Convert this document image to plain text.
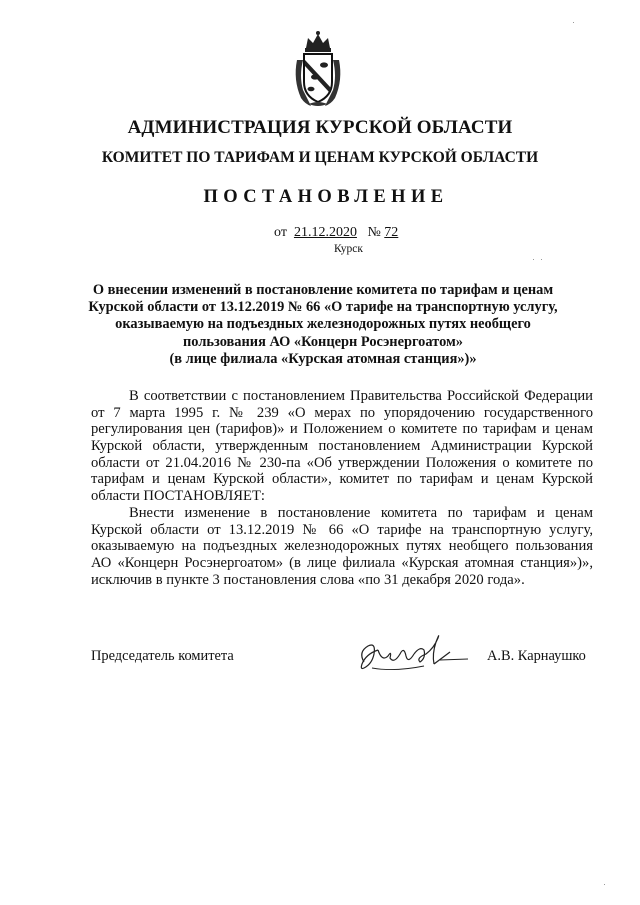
АДМИНИСТРАЦИЯ КУРСКОЙ ОБЛАСТИ
КОМИТЕТ ПО ТАРИФАМ И ЦЕНАМ КУРСКОЙ ОБЛАСТИ
ПОСТАНОВЛЕНИЕ
от 21.12.2020 № 72
Курск
О внесении изменений в постановление комитета по тарифам и ценам
Курской области от 13.12.2019 № 66 «О тарифе на транспортную услугу,
оказываемую на подъездных железнодорожных путях необщего
пользования АО «Концерн Росэнергоатом»
(в лице филиала «Курская атомная станция»)»
В соответствии с постановлением Правительства Российской Федерации
от 7 марта 1995 г. № 239 «О мерах по упорядочению государственного
регулирования цен (тарифов)» и Положением о комитете по тарифам и ценам
Курской области, утвержденным постановлением Администрации Курской
области от 21.04.2016 № 230-па «Об утверждении Положения о комитете по
тарифам и ценам Курской области», комитет по тарифам и ценам Курской
области ПОСТАНОВЛЯЕТ:
Внести изменение в постановление комитета по тарифам и ценам
Курской области от 13.12.2019 № 66 «О тарифе на транспортную услугу,
оказываемую на подъездных железнодорожных путях необщего пользования
АО «Концерн Росэнергоатом» (в лице филиала «Курская атомная станция»)»,
исключив в пункте 3 постановления слова «по 31 декабря 2020 года».
Председатель комитета	А.В. Карнаушко
